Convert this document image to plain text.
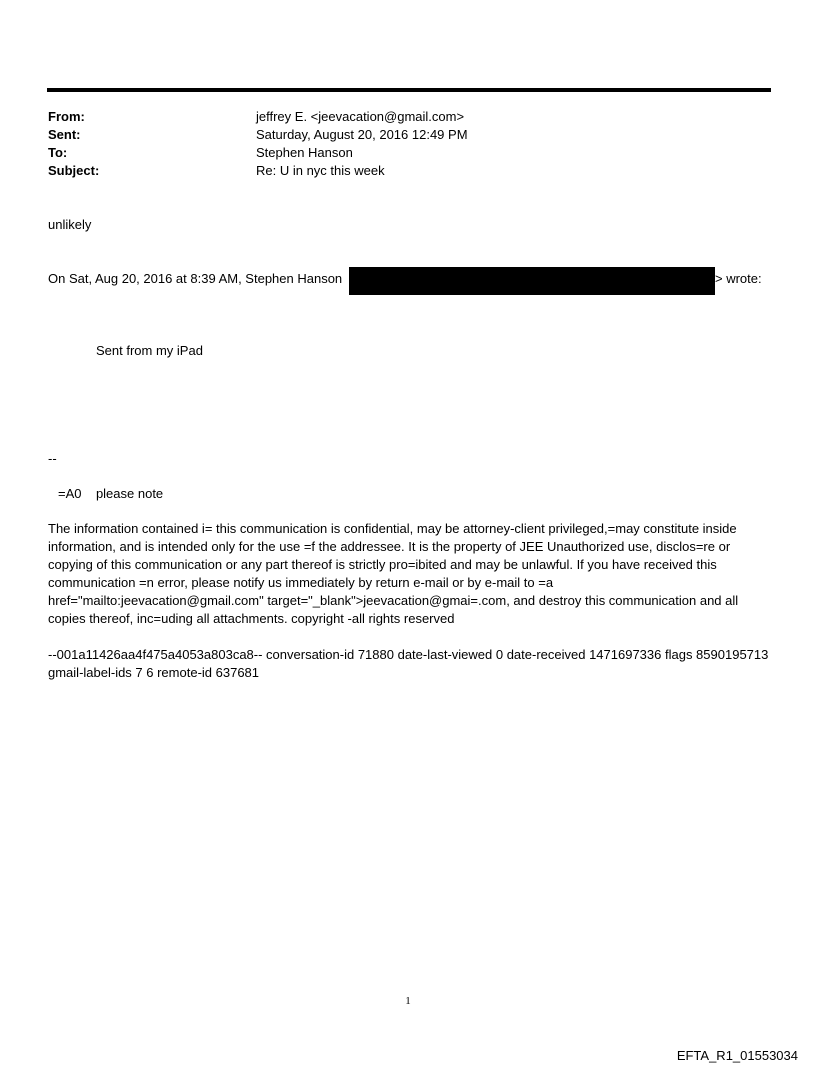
From:	jeffrey E. <jeevacation@gmail.com>
Sent:	Saturday, August 20, 2016 12:49 PM
To:	Stephen Hanson
Subject:	Re: U in nyc this week
unlikely
On Sat, Aug 20, 2016 at 8:39 AM, Stephen Hanson	> wrote:
Sent from my iPad
--
=A0    please note
The information contained i= this communication is confidential, may be attorney-client privileged,=may constitute inside information, and is intended only for the use =f the addressee. It is the property of JEE Unauthorized use, disclos=re or copying of this communication or any part thereof is strictly pro=ibited and may be unlawful. If you have received this communication =n error, please notify us immediately by return e-mail or by e-mail to =a href="mailto:jeevacation@gmail.com" target="_blank">jeevacation@gmai=.com, and destroy this communication and all copies thereof, inc=uding all attachments. copyright -all rights reserved
--001a11426aa4f475a4053a803ca8-- conversation-id 71880 date-last-viewed 0 date-received 1471697336 flags 8590195713 gmail-label-ids 7 6 remote-id 637681
1
EFTA_R1_01553034
